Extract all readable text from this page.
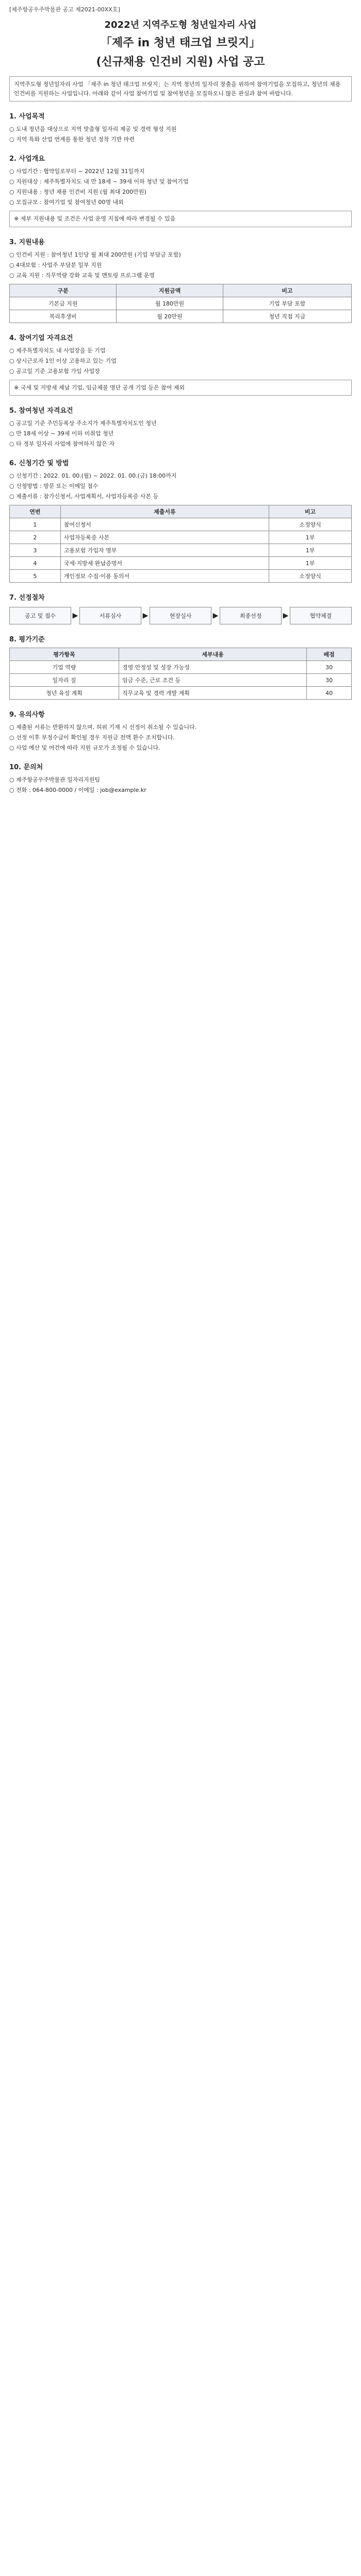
[제주항공우주박물관 공고 제2021-00XX호]
2022년 지역주도형 청년일자리 사업
「제주 in 청년 태크업 브릿지」
(신규채용 인건비 지원) 사업 공고
지역주도형 청년일자리 사업 「제주 in 청년 태크업 브릿지」는 지역 청년의 일자리 창출을 위하여 참여기업을 모집하고, 청년의 채용 인건비를 지원하는 사업입니다. 아래와 같이 사업 참여기업 및 참여청년을 모집하오니 많은 관심과 참여 바랍니다.
1. 사업목적
○ 도내 청년을 대상으로 지역 맞춤형 일자리 제공 및 경력 형성 지원
○ 지역 특화 산업 연계를 통한 청년 정착 기반 마련
2. 사업개요
○ 사업기간 : 협약일로부터 ~ 2022년 12월 31일까지
○ 지원대상 : 제주특별자치도 내 만 18세 ~ 39세 이하 청년 및 참여기업
○ 지원내용 : 청년 채용 인건비 지원 (월 최대 200만원)
○ 모집규모 : 참여기업 및 참여청년 00명 내외
※ 세부 지원내용 및 조건은 사업 운영 지침에 따라 변경될 수 있음
3. 지원내용
○ 인건비 지원 : 참여청년 1인당 월 최대 200만원 (기업 부담금 포함)
○ 4대보험 : 사업주 부담분 일부 지원
○ 교육 지원 : 직무역량 강화 교육 및 멘토링 프로그램 운영
구분	지원금액	비고
기본급 지원	월 180만원	기업 부담 포함
복리후생비	월 20만원	청년 직접 지급
4. 참여기업 자격요건
○ 제주특별자치도 내 사업장을 둔 기업
○ 상시근로자 1인 이상 고용하고 있는 기업
○ 공고일 기준 고용보험 가입 사업장
※ 국세 및 지방세 체납 기업, 임금체불 명단 공개 기업 등은 참여 제외
5. 참여청년 자격요건
○ 공고일 기준 주민등록상 주소지가 제주특별자치도인 청년
○ 만 18세 이상 ~ 39세 이하 미취업 청년
○ 타 정부 일자리 사업에 참여하지 않은 자
6. 신청기간 및 방법
○ 신청기간 : 2022. 01. 00.(월) ~ 2022. 01. 00.(금) 18:00까지
○ 신청방법 : 방문 또는 이메일 접수
○ 제출서류 : 참가신청서, 사업계획서, 사업자등록증 사본 등
연번	제출서류	비고
1	참여신청서	소정양식
2	사업자등록증 사본	1부
3	고용보험 가입자 명부	1부
4	국세·지방세 완납증명서	1부
5	개인정보 수집·이용 동의서	소정양식
7. 선정절차
공고 및 접수	▶	서류심사	▶	현장실사	▶	최종선정	▶	협약체결
8. 평가기준
평가항목	세부내용	배점
기업 역량	경영 안정성 및 성장 가능성	30
일자리 질	임금 수준, 근로 조건 등	30
청년 육성 계획	직무교육 및 경력 개발 계획	40
9. 유의사항
○ 제출된 서류는 반환하지 않으며, 허위 기재 시 선정이 취소될 수 있습니다.
○ 선정 이후 부정수급이 확인될 경우 지원금 전액 환수 조치합니다.
○ 사업 예산 및 여건에 따라 지원 규모가 조정될 수 있습니다.
10. 문의처
○ 제주항공우주박물관 일자리지원팀
○ 전화 : 064-800-0000 / 이메일 : job@example.kr
